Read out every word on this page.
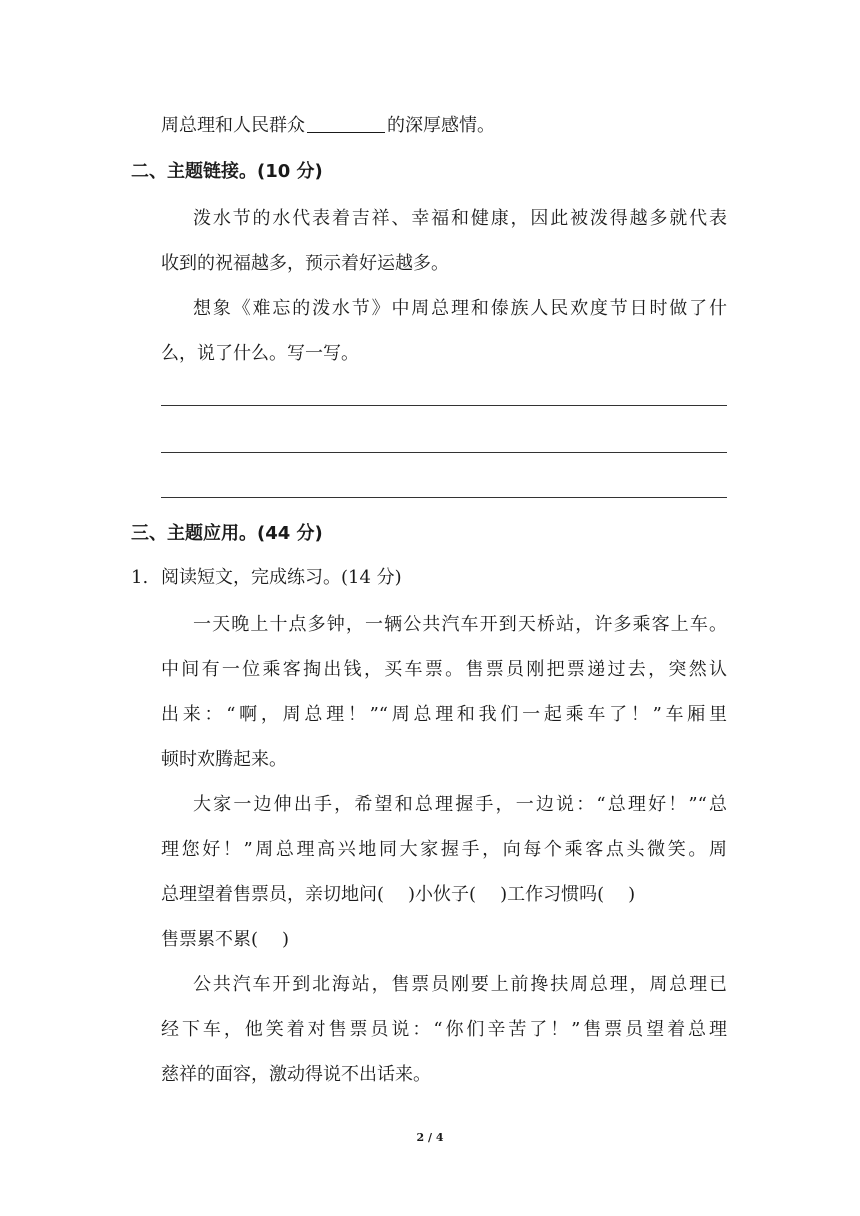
周总理和人民群众	的深厚感情。
二、主题链接。(10 分)
泼水节的水代表着吉祥、幸福和健康，因此被泼得越多就代表
收到的祝福越多，预示着好运越多。
想象《难忘的泼水节》中周总理和傣族人民欢度节日时做了什
么，说了什么。写一写。
三、主题应用。(44 分)
1. 阅读短文，完成练习。(14 分)
一天晚上十点多钟，一辆公共汽车开到天桥站，许多乘客上车。
中间有一位乘客掏出钱，买车票。售票员刚把票递过去，突然认
出来：“啊，周总理！”“周总理和我们一起乘车了！”车厢里
顿时欢腾起来。
大家一边伸出手，希望和总理握手，一边说：“总理好！”“总
理您好！”周总理高兴地同大家握手，向每个乘客点头微笑。周
总理望着售票员，亲切地问( )小伙子( )工作习惯吗( )
售票累不累( )
公共汽车开到北海站，售票员刚要上前搀扶周总理，周总理已
经下车，他笑着对售票员说：“你们辛苦了！”售票员望着总理
慈祥的面容，激动得说不出话来。
2 / 4
